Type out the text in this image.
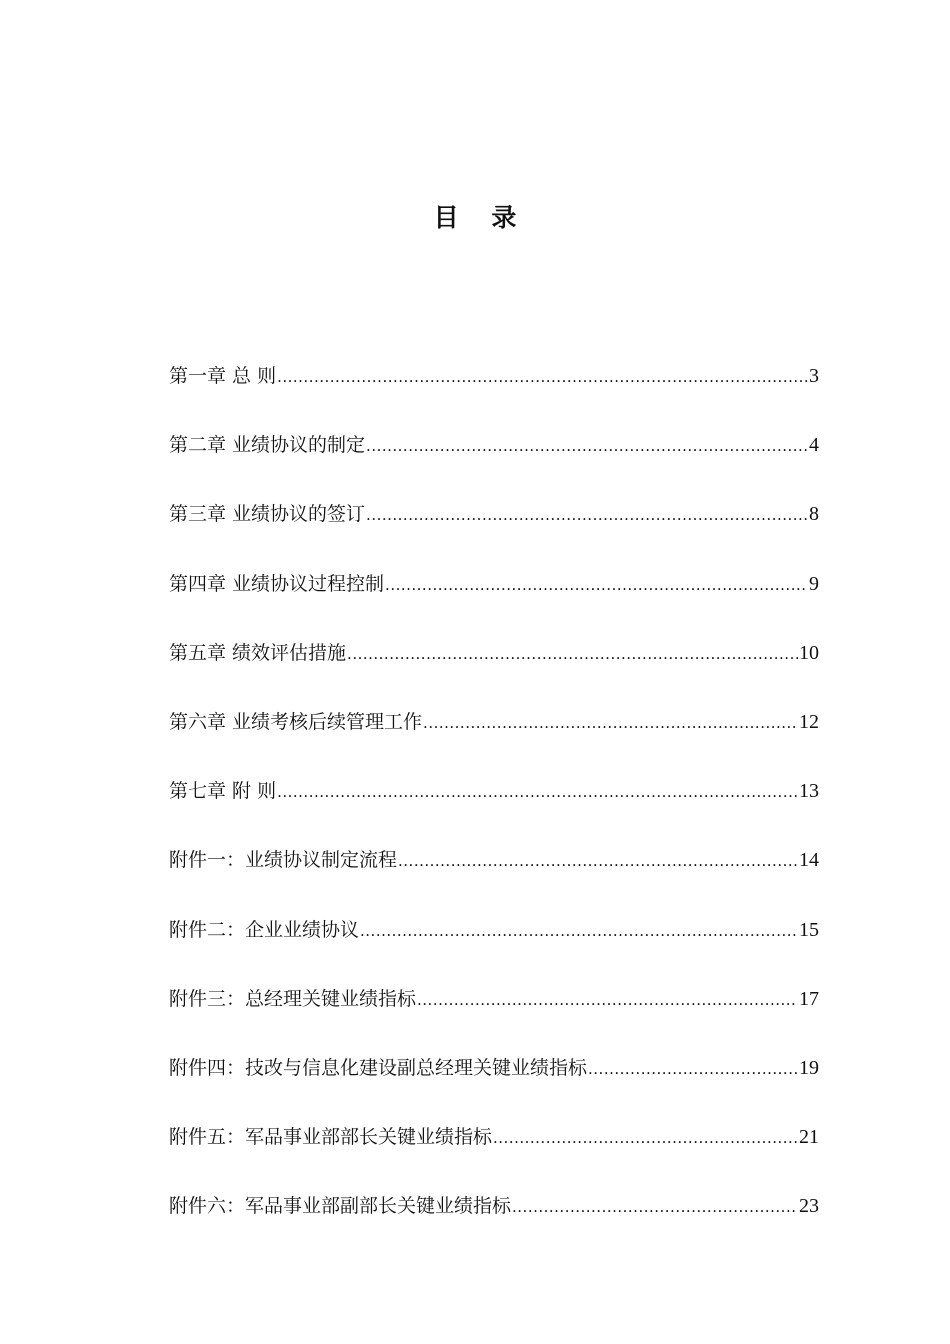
目 录
第一章 总 则 .....	3
第二章 业绩协议的制定 .....	4
第三章 业绩协议的签订 .....	8
第四章 业绩协议过程控制 .....	9
第五章 绩效评估措施 .....	10
第六章 业绩考核后续管理工作 .....	12
第七章 附 则 .....	13
附件一：业绩协议制定流程 .....	14
附件二：企业业绩协议 .....	15
附件三：总经理关键业绩指标 .....	17
附件四：技改与信息化建设副总经理关键业绩指标 .....	19
附件五：军品事业部部长关键业绩指标 .....	21
附件六：军品事业部副部长关键业绩指标 .....	23
